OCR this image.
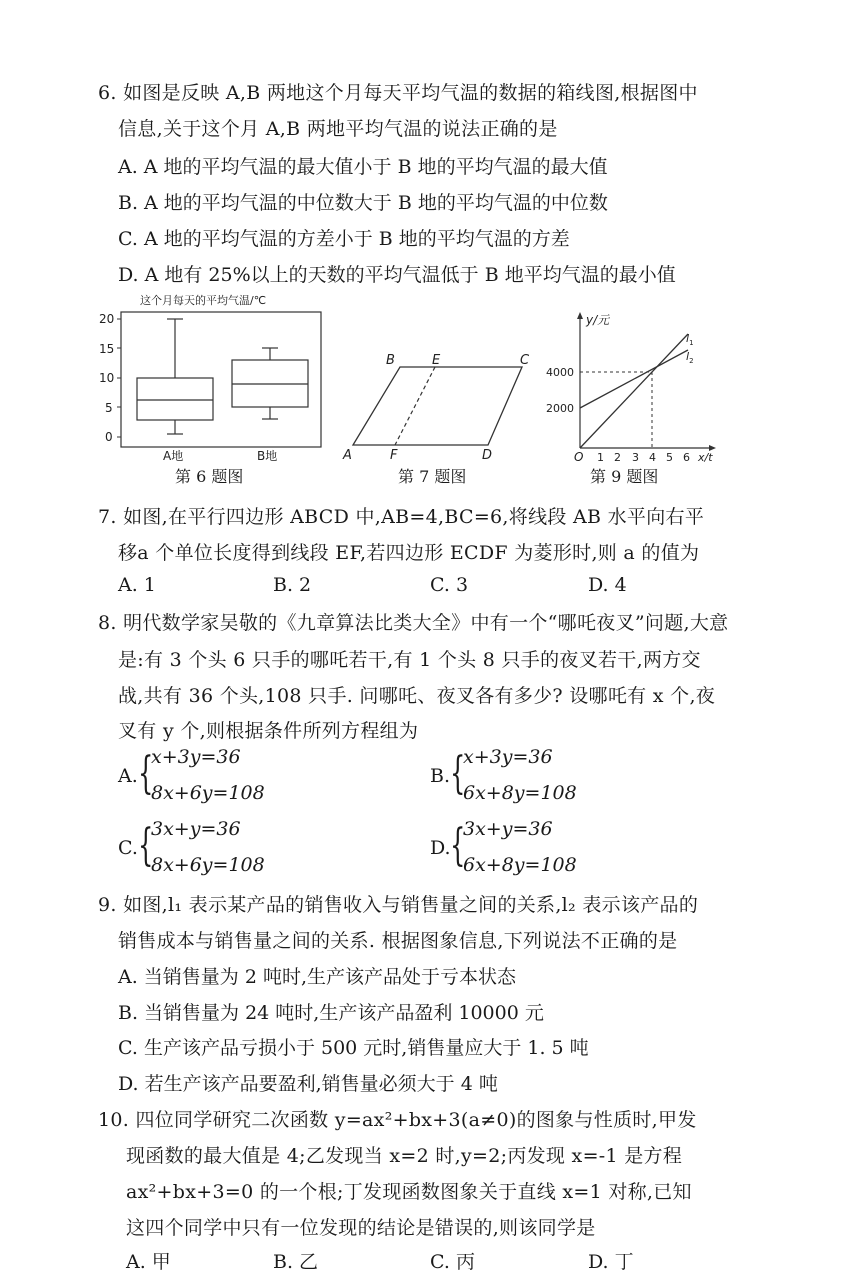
6. 如图是反映 A,B 两地这个月每天平均气温的数据的箱线图,根据图中
信息,关于这个月 A,B 两地平均气温的说法正确的是
A. A 地的平均气温的最大值小于 B 地的平均气温的最大值
B. A 地的平均气温的中位数大于 B 地的平均气温的中位数
C. A 地的平均气温的方差小于 B 地的平均气温的方差
D. A 地有 25%以上的天数的平均气温低于 B 地平均气温的最小值
这个月每天的平均气温/℃
20
15
10
5
0
A地	B地
第 6 题图
B	E	C
A	F	D
第 7 题图
y/元
x/t
O
4000
2000
1 2 3 4 5 6
$l_1$
$l_2$
第 9 题图
7. 如图,在平行四边形 ABCD 中,AB=4,BC=6,将线段 AB 水平向右平
移a 个单位长度得到线段 EF,若四边形 ECDF 为菱形时,则 a 的值为
A. 1	B. 2	C. 3	D. 4
8. 明代数学家吴敬的《九章算法比类大全》中有一个“哪吒夜叉”问题,大意
是:有 3 个头 6 只手的哪吒若干,有 1 个头 8 只手的夜叉若干,两方交
战,共有 36 个头,108 只手. 问哪吒、夜叉各有多少? 设哪吒有 x 个,夜
叉有 y 个,则根据条件所列方程组为
A. {
x+3y=36
8x+6y=108
B. {
x+3y=36
6x+8y=108
C. {
3x+y=36
8x+6y=108
D. {
3x+y=36
6x+8y=108
9. 如图,l₁ 表示某产品的销售收入与销售量之间的关系,l₂ 表示该产品的
销售成本与销售量之间的关系. 根据图象信息,下列说法不正确的是
A. 当销售量为 2 吨时,生产该产品处于亏本状态
B. 当销售量为 24 吨时,生产该产品盈利 10000 元
C. 生产该产品亏损小于 500 元时,销售量应大于 1. 5 吨
D. 若生产该产品要盈利,销售量必须大于 4 吨
10. 四位同学研究二次函数 y=ax²+bx+3(a≠0)的图象与性质时,甲发
现函数的最大值是 4;乙发现当 x=2 时,y=2;丙发现 x=-1 是方程
ax²+bx+3=0 的一个根;丁发现函数图象关于直线 x=1 对称,已知
这四个同学中只有一位发现的结论是错误的,则该同学是
A. 甲	B. 乙	C. 丙	D. 丁
